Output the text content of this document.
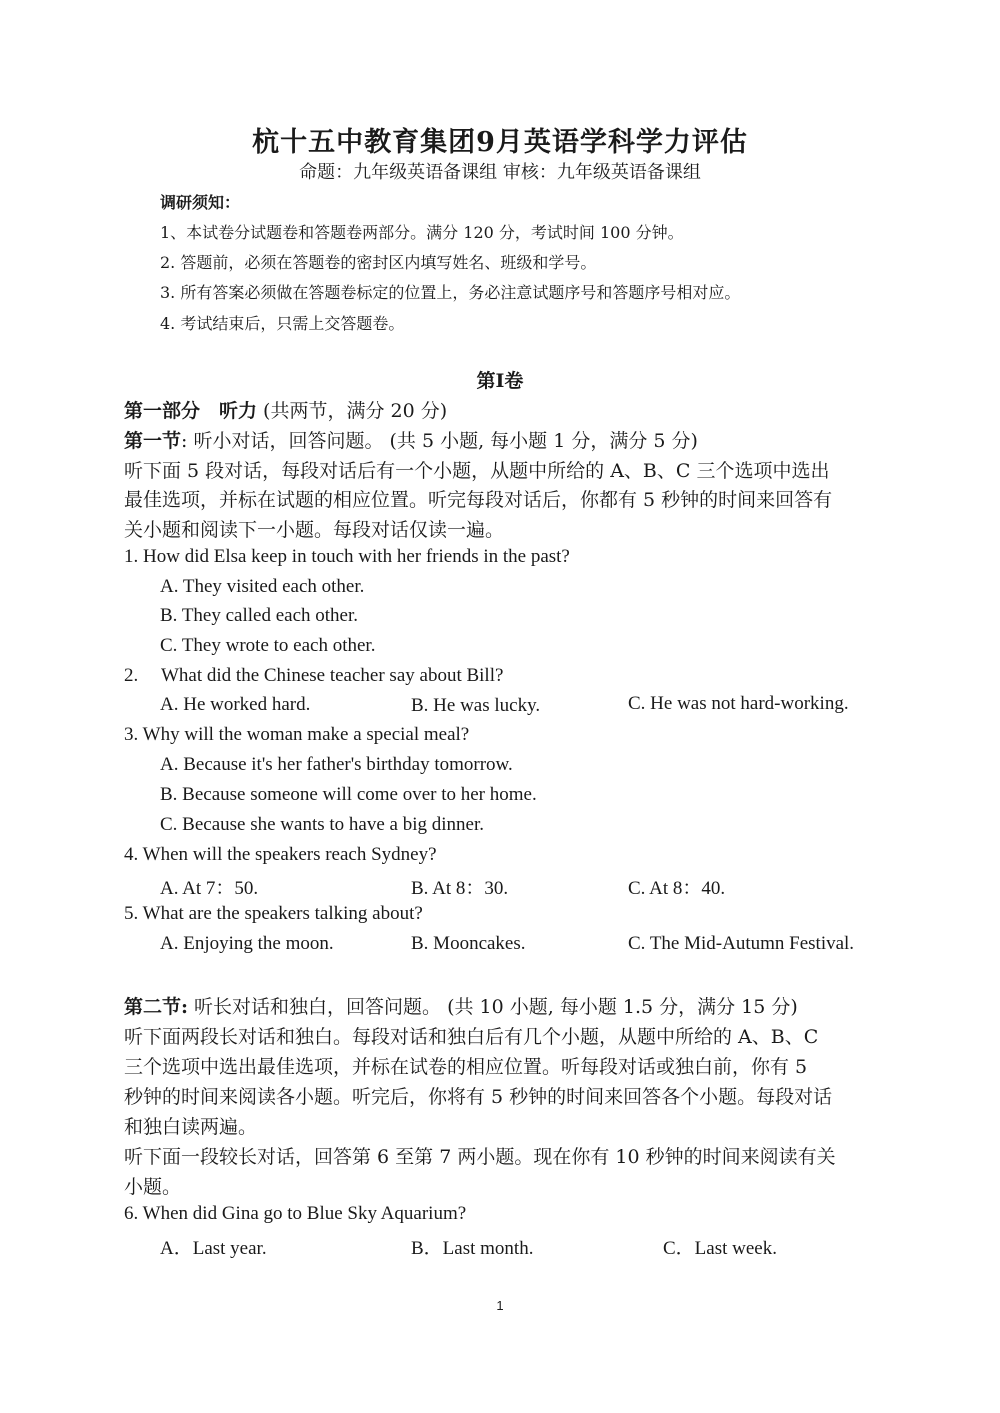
杭十五中教育集团9月英语学科学力评估
命题：九年级英语备课组 审核：九年级英语备课组
调研须知：
1、本试卷分试题卷和答题卷两部分。满分 120 分，考试时间 100 分钟。
2. 答题前，必须在答题卷的密封区内填写姓名、班级和学号。
3. 所有答案必须做在答题卷标定的位置上，务必注意试题序号和答题序号相对应。
4. 考试结束后，只需上交答题卷。
第I卷
第一部分　听力 (共两节，满分 20 分)
第一节: 听小对话，回答问题。 (共 5 小题, 每小题 1 分，满分 5 分)
听下面 5 段对话，每段对话后有一个小题，从题中所给的 A、B、C 三个选项中选出
最佳选项，并标在试题的相应位置。听完每段对话后，你都有 5 秒钟的时间来回答有
关小题和阅读下一小题。每段对话仅读一遍。
1. How did Elsa keep in touch with her friends in the past?
A. They visited each other.
B. They called each other.
C. They wrote to each other.
2. What did the Chinese teacher say about Bill?
A. He worked hard.	B. He was lucky.	C. He was not hard-working.
3. Why will the woman make a special meal?
A. Because it's her father's birthday tomorrow.
B. Because someone will come over to her home.
C. Because she wants to have a big dinner.
4. When will the speakers reach Sydney?
A. At 7：50.	B. At 8：30.	C. At 8：40.
5. What are the speakers talking about?
A. Enjoying the moon.	B. Mooncakes.	C. The Mid-Autumn Festival.
第二节: 听长对话和独白，回答问题。 (共 10 小题, 每小题 1.5 分，满分 15 分)
听下面两段长对话和独白。每段对话和独白后有几个小题，从题中所给的 A、B、C
三个选项中选出最佳选项，并标在试卷的相应位置。听每段对话或独白前，你有 5
秒钟的时间来阅读各小题。听完后，你将有 5 秒钟的时间来回答各个小题。每段对话
和独白读两遍。
听下面一段较长对话，回答第 6 至第 7 两小题。现在你有 10 秒钟的时间来阅读有关
小题。
6. When did Gina go to Blue Sky Aquarium?
A．Last year.	B．Last month.	C．Last week.
1
